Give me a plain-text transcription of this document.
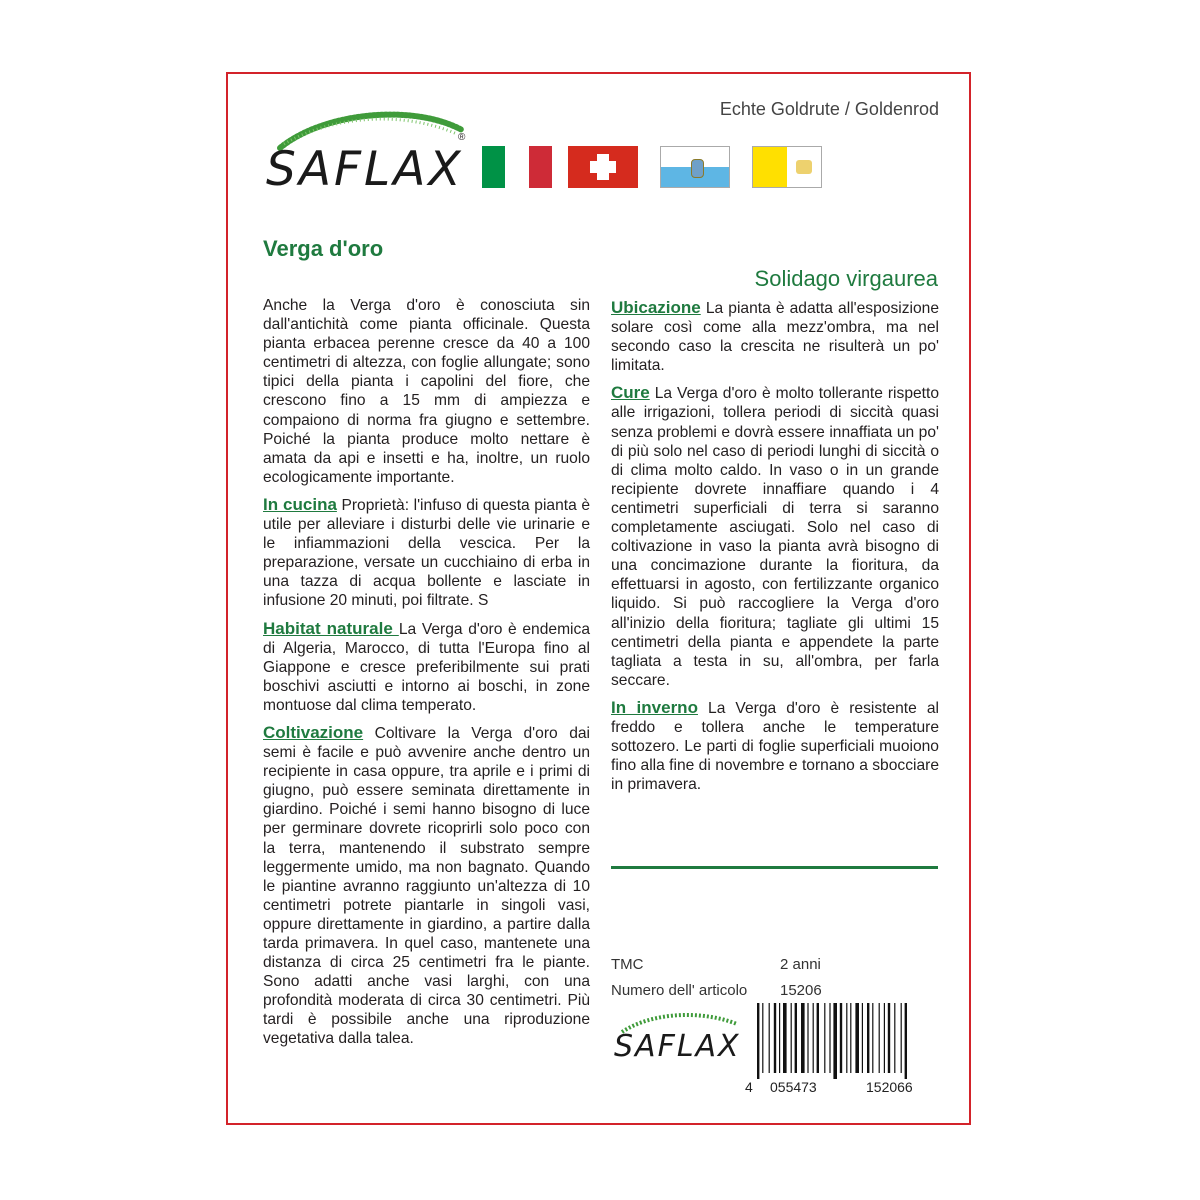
®
SAFLAX
Echte Goldrute / Goldenrod
Verga d'oro
Solidago virgaurea

Anche la Verga d'oro è conosciuta sin dall'antichità come pianta officinale. Questa pianta erbacea perenne cresce da 40 a 100 centimetri di altezza, con foglie allungate; sono tipici della pianta i capolini del fiore, che crescono fino a 15 mm di ampiezza e compaiono di norma fra giugno e settembre. Poiché la pianta produce molto nettare è amata da api e insetti e ha, inoltre, un ruolo ecologicamente importante.

In cucina Proprietà: l'infuso di questa pianta è utile per alleviare i disturbi delle vie urinarie e le infiammazioni della vescica. Per la preparazione, versate un cucchiaino di erba in una tazza di acqua bollente e lasciate in infusione 20 minuti, poi filtrate. S

Habitat naturale La Verga d'oro è endemica di Algeria, Marocco, di tutta l'Europa fino al Giappone e cresce preferibilmente sui prati boschivi asciutti e intorno ai boschi, in zone montuose dal clima temperato.

Coltivazione Coltivare la Verga d'oro dai semi è facile e può avvenire anche dentro un recipiente in casa oppure, tra aprile e i primi di giugno, può essere seminata direttamente in giardino. Poiché i semi hanno bisogno di luce per germinare dovrete ricoprirli solo poco con la terra, mantenendo il substrato sempre leggermente umido, ma non bagnato. Quando le piantine avranno raggiunto un'altezza di 10 centimetri potrete piantarle in singoli vasi, oppure direttamente in giardino, a partire dalla tarda primavera. In quel caso, mantenete una distanza di circa 25 centimetri fra le piante. Sono adatti anche vasi larghi, con una profondità moderata di circa 30 centimetri. Più tardi è possibile anche una riproduzione vegetativa dalla talea.

Ubicazione La pianta è adatta all'esposizione solare così come alla mezz'ombra, ma nel secondo caso la crescita ne risulterà un po' limitata.

Cure La Verga d'oro è molto tollerante rispetto alle irrigazioni, tollera periodi di siccità quasi senza problemi e dovrà essere innaffiata un po' di più solo nel caso di periodi lunghi di siccità o di clima molto caldo. In vaso o in un grande recipiente dovrete innaffiare quando i 4 centimetri superficiali di terra si saranno completamente asciugati. Solo nel caso di coltivazione in vaso la pianta avrà bisogno di una concimazione durante la fioritura, da effettuarsi in agosto, con fertilizzante organico liquido. Si può raccogliere la Verga d'oro all'inizio della fioritura; tagliate gli ultimi 15 centimetri della pianta e appendete la parte tagliata a testa in su, all'ombra, per farla seccare.

In inverno La Verga d'oro è resistente al freddo e tollera anche le temperature sottozero. Le parti di foglie superficiali muoiono fino alla fine di novembre e tornano a sbocciare in primavera.

TMC	2 anni
Numero dell' articolo 15206
SAFLAX
4 055473	152066
